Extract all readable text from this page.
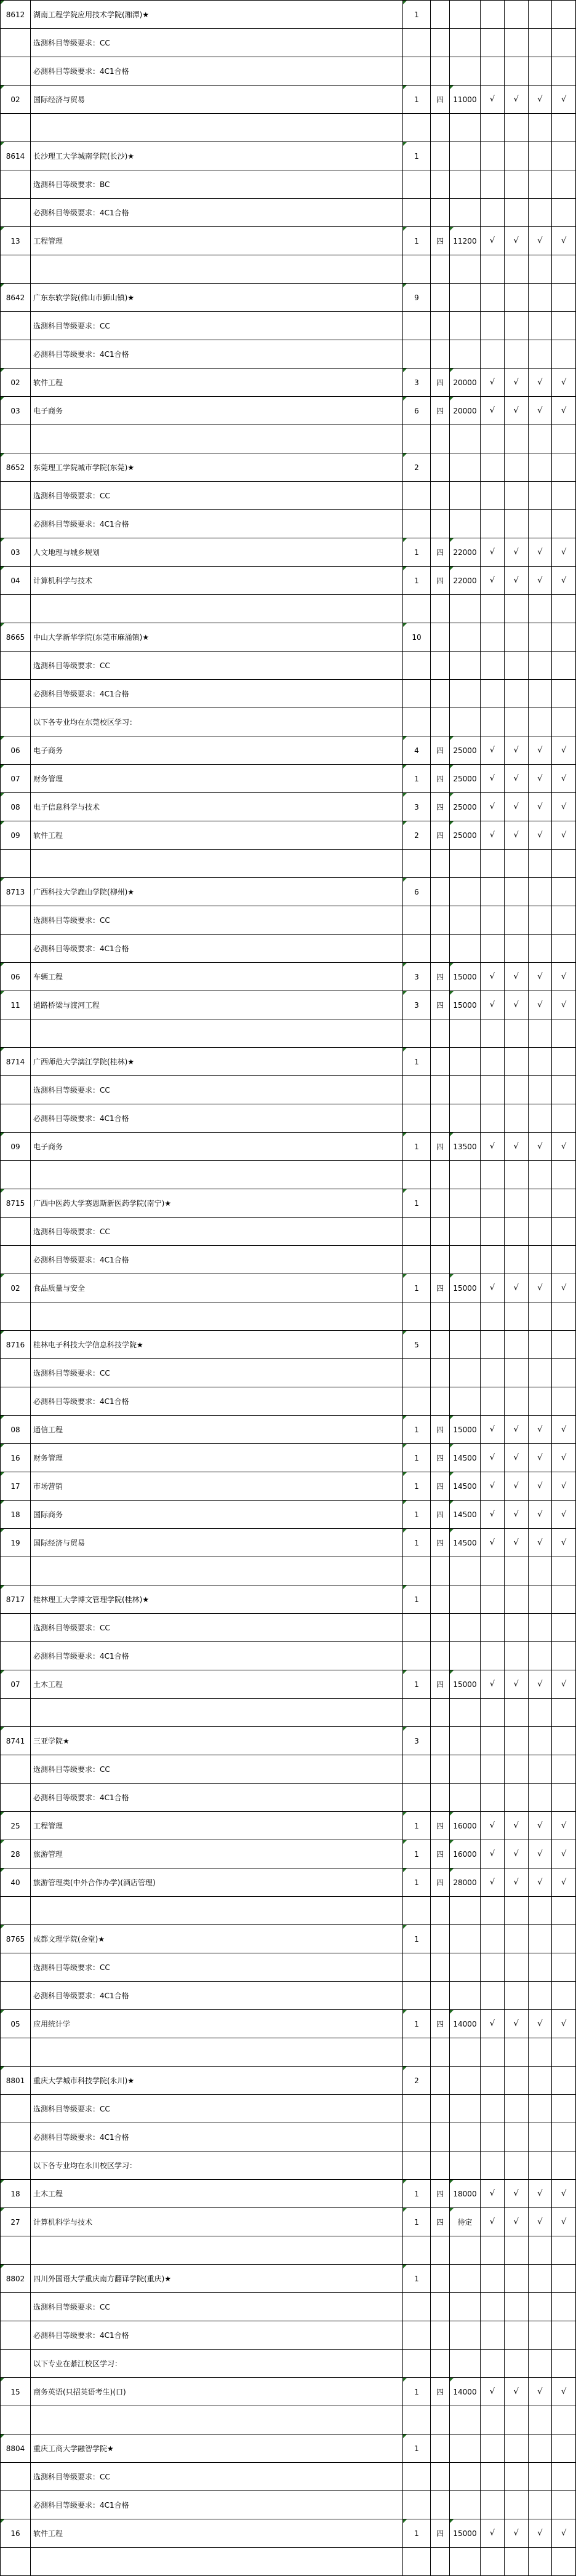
8612	湖南工程学院应用技术学院(湘潭)★	1						
	选测科目等级要求：CC							
	必测科目等级要求：4C1合格							
02	国际经济与贸易	1	四	11000	√	√	√	√

8614	长沙理工大学城南学院(长沙)★	1						
	选测科目等级要求：BC							
	必测科目等级要求：4C1合格							
13	工程管理	1	四	11200	√	√	√	√

8642	广东东软学院(佛山市狮山镇)★	9						
	选测科目等级要求：CC							
	必测科目等级要求：4C1合格							
02	软件工程	3	四	20000	√	√	√	√
03	电子商务	6	四	20000	√	√	√	√

8652	东莞理工学院城市学院(东莞)★	2						
	选测科目等级要求：CC							
	必测科目等级要求：4C1合格							
03	人文地理与城乡规划	1	四	22000	√	√	√	√
04	计算机科学与技术	1	四	22000	√	√	√	√

8665	中山大学新华学院(东莞市麻涌镇)★	10						
	选测科目等级要求：CC							
	必测科目等级要求：4C1合格							
	以下各专业均在东莞校区学习：							
06	电子商务	4	四	25000	√	√	√	√
07	财务管理	1	四	25000	√	√	√	√
08	电子信息科学与技术	3	四	25000	√	√	√	√
09	软件工程	2	四	25000	√	√	√	√

8713	广西科技大学鹿山学院(柳州)★	6						
	选测科目等级要求：CC							
	必测科目等级要求：4C1合格							
06	车辆工程	3	四	15000	√	√	√	√
11	道路桥梁与渡河工程	3	四	15000	√	√	√	√

8714	广西师范大学漓江学院(桂林)★	1						
	选测科目等级要求：CC							
	必测科目等级要求：4C1合格							
09	电子商务	1	四	13500	√	√	√	√

8715	广西中医药大学赛恩斯新医药学院(南宁)★	1						
	选测科目等级要求：CC							
	必测科目等级要求：4C1合格							
02	食品质量与安全	1	四	15000	√	√	√	√

8716	桂林电子科技大学信息科技学院★	5						
	选测科目等级要求：CC							
	必测科目等级要求：4C1合格							
08	通信工程	1	四	15000	√	√	√	√
16	财务管理	1	四	14500	√	√	√	√
17	市场营销	1	四	14500	√	√	√	√
18	国际商务	1	四	14500	√	√	√	√
19	国际经济与贸易	1	四	14500	√	√	√	√

8717	桂林理工大学博文管理学院(桂林)★	1						
	选测科目等级要求：CC							
	必测科目等级要求：4C1合格							
07	土木工程	1	四	15000	√	√	√	√

8741	三亚学院★	3						
	选测科目等级要求：CC							
	必测科目等级要求：4C1合格							
25	工程管理	1	四	16000	√	√	√	√
28	旅游管理	1	四	16000	√	√	√	√
40	旅游管理类(中外合作办学)(酒店管理)	1	四	28000	√	√	√	√

8765	成都文理学院(金堂)★	1						
	选测科目等级要求：CC							
	必测科目等级要求：4C1合格							
05	应用统计学	1	四	14000	√	√	√	√

8801	重庆大学城市科技学院(永川)★	2						
	选测科目等级要求：CC							
	必测科目等级要求：4C1合格							
	以下各专业均在永川校区学习：							
18	土木工程	1	四	18000	√	√	√	√
27	计算机科学与技术	1	四	待定	√	√	√	√

8802	四川外国语大学重庆南方翻译学院(重庆)★	1						
	选测科目等级要求：CC							
	必测科目等级要求：4C1合格							
	以下专业在綦江校区学习：							
15	商务英语(只招英语考生)(口)	1	四	14000	√	√	√	√

8804	重庆工商大学融智学院★	1						
	选测科目等级要求：CC							
	必测科目等级要求：4C1合格							
16	软件工程	1	四	15000	√	√	√	√
